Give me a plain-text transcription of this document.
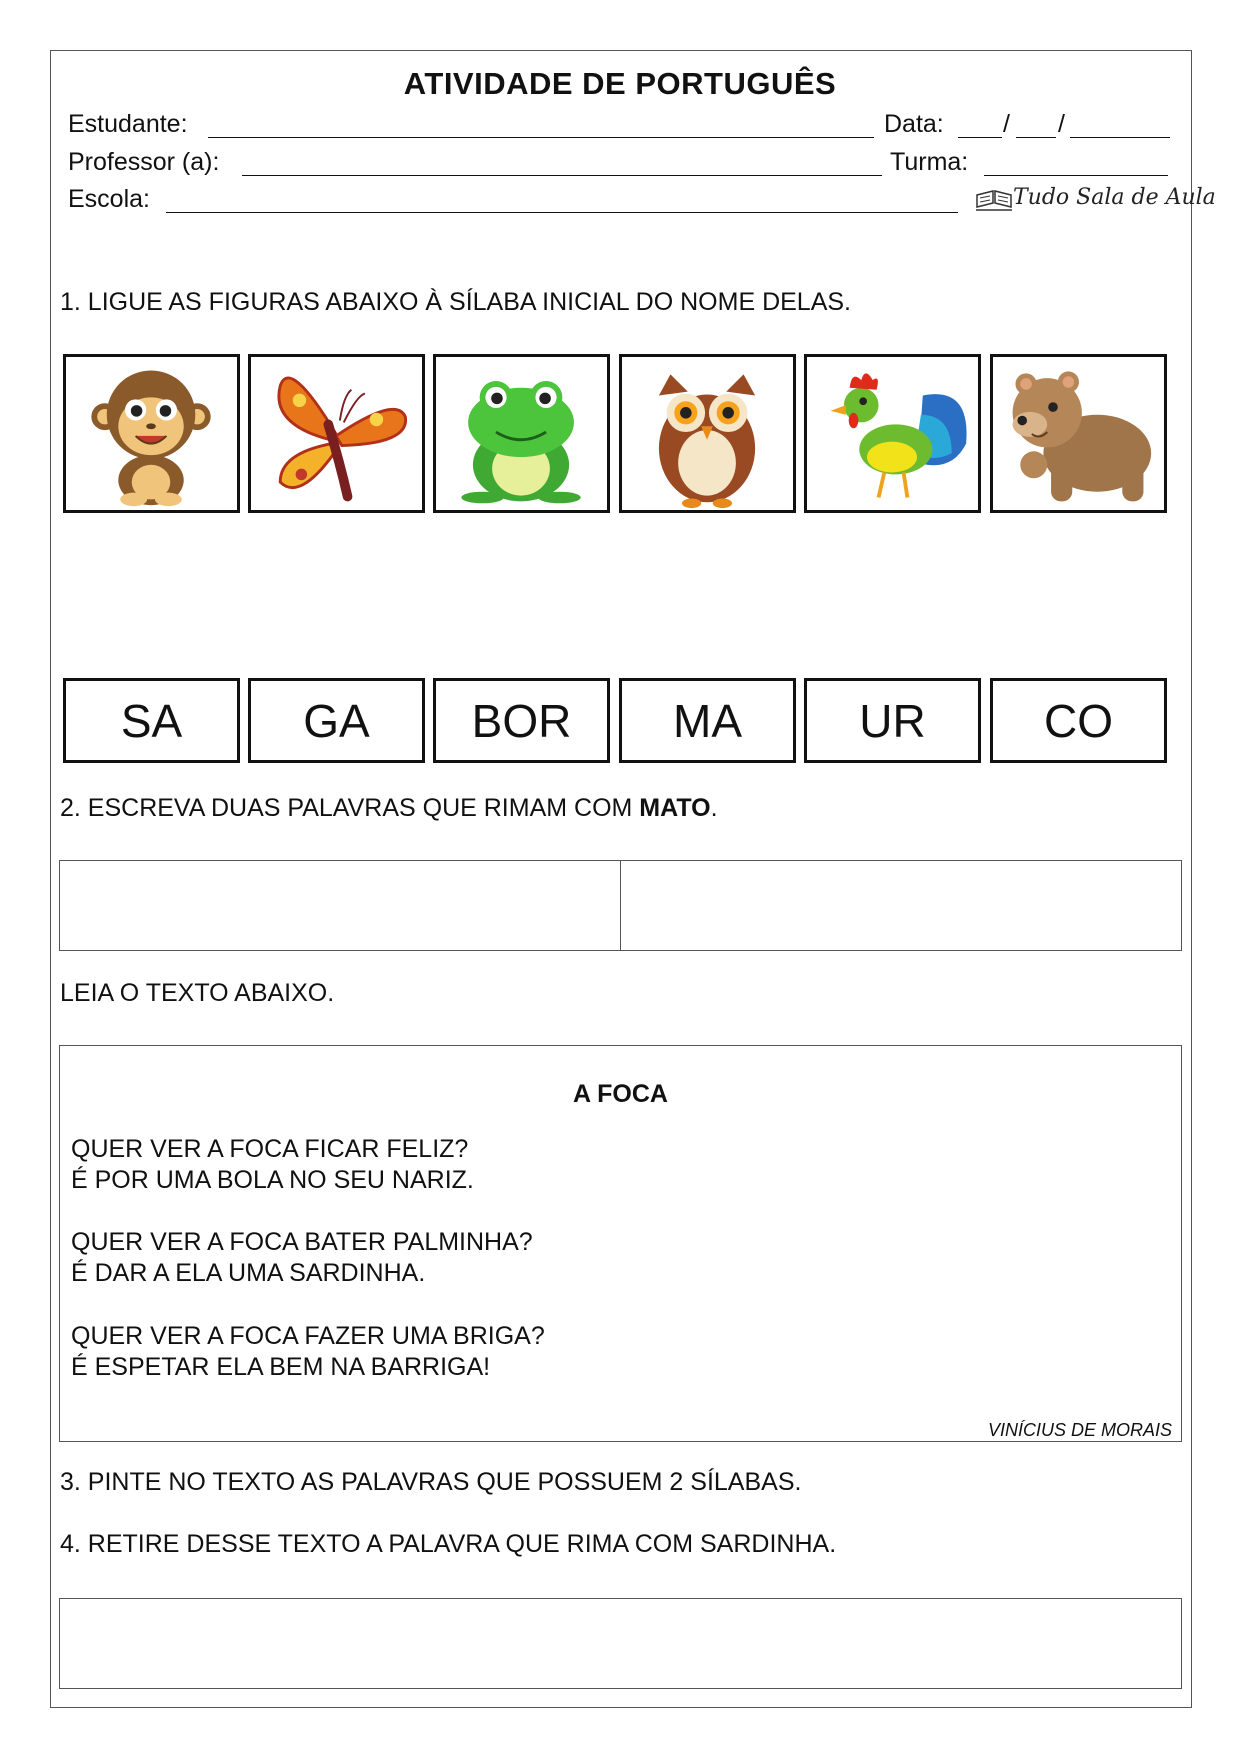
ATIVIDADE DE PORTUGUÊS
Estudante:	Data: / /
Professor (a):	Turma:
Escola:	Tudo Sala de Aula
1. LIGUE AS FIGURAS ABAIXO À SÍLABA INICIAL DO NOME DELAS.
SA	GA	BOR	MA	UR	CO
2. ESCREVA DUAS PALAVRAS QUE RIMAM COM MATO.
LEIA O TEXTO ABAIXO.
A FOCA
QUER VER A FOCA FICAR FELIZ?
É POR UMA BOLA NO SEU NARIZ.
QUER VER A FOCA BATER PALMINHA?
É DAR A ELA UMA SARDINHA.
QUER VER A FOCA FAZER UMA BRIGA?
É ESPETAR ELA BEM NA BARRIGA!
VINÍCIUS DE MORAIS
3. PINTE NO TEXTO AS PALAVRAS QUE POSSUEM 2 SÍLABAS.
4. RETIRE DESSE TEXTO A PALAVRA QUE RIMA COM SARDINHA.
